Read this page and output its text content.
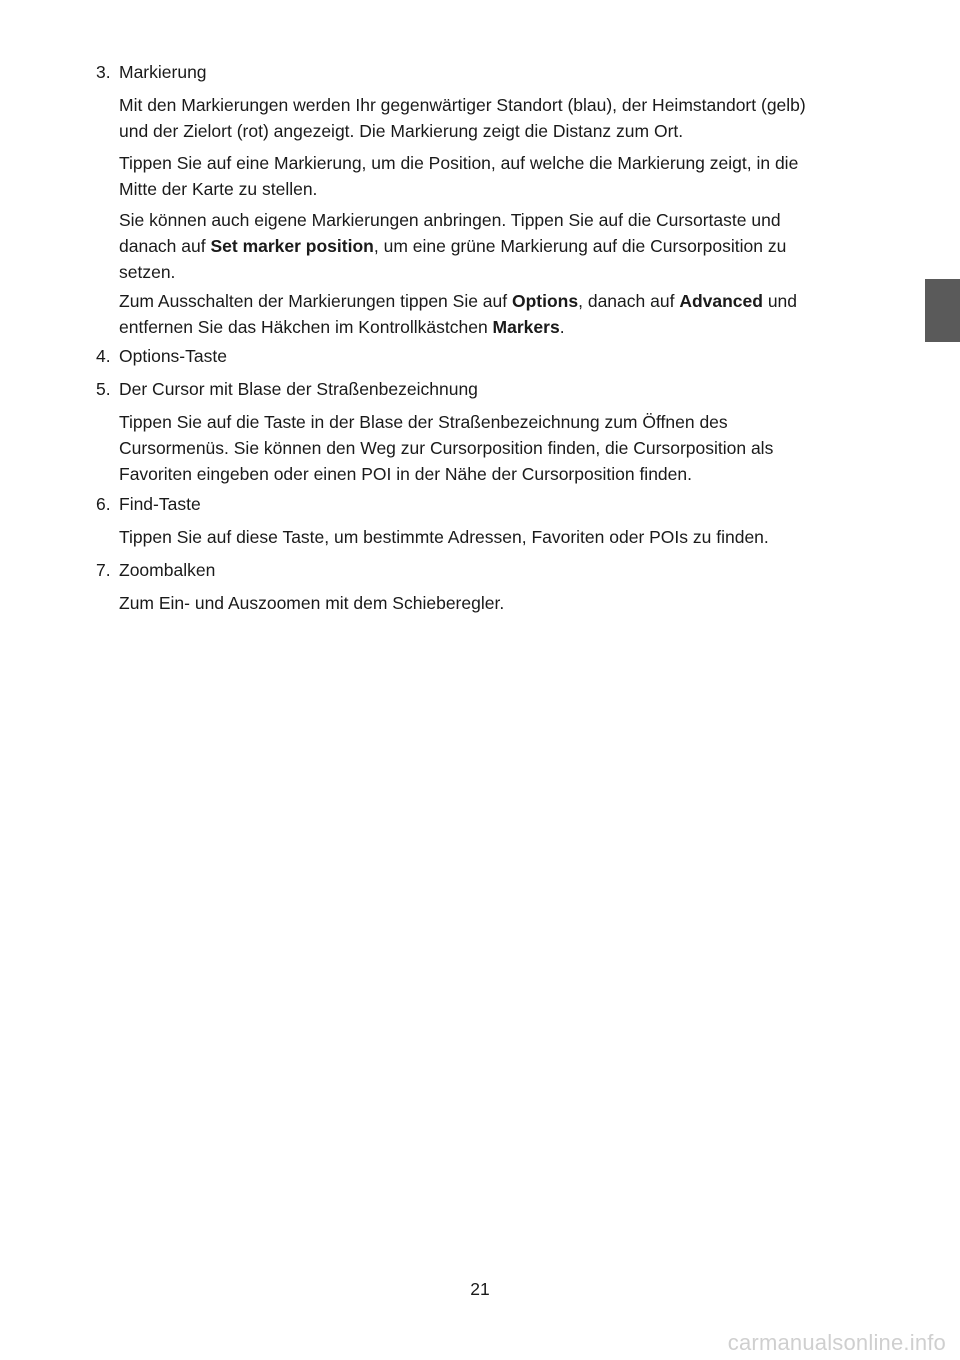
3. Markierung
Mit den Markierungen werden Ihr gegenwärtiger Standort (blau), der Heimstandort (gelb)
und der Zielort (rot) angezeigt. Die Markierung zeigt die Distanz zum Ort.
Tippen Sie auf eine Markierung, um die Position, auf welche die Markierung zeigt, in die
Mitte der Karte zu stellen.
Sie können auch eigene Markierungen anbringen. Tippen Sie auf die Cursortaste und
danach auf Set marker position, um eine grüne Markierung auf die Cursorposition zu
setzen.
Zum Ausschalten der Markierungen tippen Sie auf Options, danach auf Advanced und
entfernen Sie das Häkchen im Kontrollkästchen Markers.
4. Options-Taste
5. Der Cursor mit Blase der Straßenbezeichnung
Tippen Sie auf die Taste in der Blase der Straßenbezeichnung zum Öffnen des
Cursormenüs. Sie können den Weg zur Cursorposition finden, die Cursorposition als
Favoriten eingeben oder einen POI in der Nähe der Cursorposition finden.
6. Find-Taste
Tippen Sie auf diese Taste, um bestimmte Adressen, Favoriten oder POIs zu finden.
7. Zoombalken
Zum Ein- und Auszoomen mit dem Schieberegler.
21
carmanualsonline.info
